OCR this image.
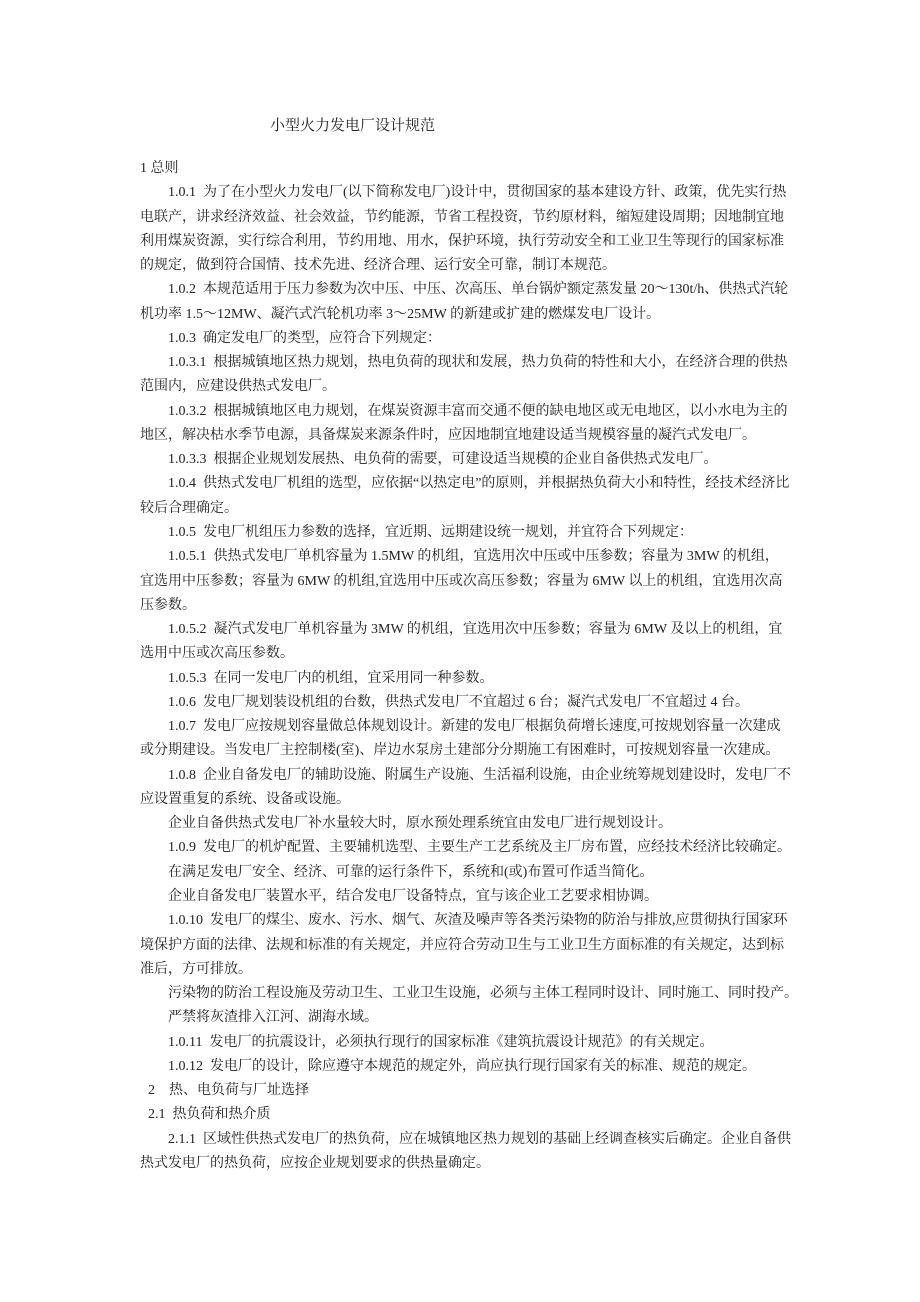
小型火力发电厂设计规范
1 总则
1.0.1  为了在小型火力发电厂(以下简称发电厂)设计中，贯彻国家的基本建设方针、政策，优先实行热
电联产，讲求经济效益、社会效益，节约能源，节省工程投资，节约原材料，缩短建设周期；因地制宜地
利用煤炭资源，实行综合利用，节约用地、用水，保护环境，执行劳动安全和工业卫生等现行的国家标准
的规定，做到符合国情、技术先进、经济合理、运行安全可靠，制订本规范。
1.0.2  本规范适用于压力参数为次中压、中压、次高压、单台锅炉额定蒸发量 20～130t/h、供热式汽轮
机功率 1.5～12MW、凝汽式汽轮机功率 3～25MW 的新建或扩建的燃煤发电厂设计。
1.0.3  确定发电厂的类型，应符合下列规定：
1.0.3.1  根据城镇地区热力规划，热电负荷的现状和发展，热力负荷的特性和大小，在经济合理的供热
范围内，应建设供热式发电厂。
1.0.3.2  根据城镇地区电力规划，在煤炭资源丰富而交通不便的缺电地区或无电地区，以小水电为主的
地区，解决枯水季节电源，具备煤炭来源条件时，应因地制宜地建设适当规模容量的凝汽式发电厂。
1.0.3.3  根据企业规划发展热、电负荷的需要，可建设适当规模的企业自备供热式发电厂。
1.0.4  供热式发电厂机组的选型，应依据“以热定电”的原则，并根据热负荷大小和特性，经技术经济比
较后合理确定。
1.0.5  发电厂机组压力参数的选择，宜近期、远期建设统一规划，并宜符合下列规定：
1.0.5.1  供热式发电厂单机容量为 1.5MW 的机组，宜选用次中压或中压参数；容量为 3MW 的机组，
宜选用中压参数；容量为 6MW 的机组,宜选用中压或次高压参数；容量为 6MW 以上的机组，宜选用次高
压参数。
1.0.5.2  凝汽式发电厂单机容量为 3MW 的机组，宜选用次中压参数；容量为 6MW 及以上的机组，宜
选用中压或次高压参数。
1.0.5.3  在同一发电厂内的机组，宜采用同一种参数。
1.0.6  发电厂规划装设机组的台数，供热式发电厂不宜超过 6 台；凝汽式发电厂不宜超过 4 台。
1.0.7  发电厂应按规划容量做总体规划设计。新建的发电厂根据负荷增长速度,可按规划容量一次建成
或分期建设。当发电厂主控制楼(室)、岸边水泵房土建部分分期施工有困难时，可按规划容量一次建成。
1.0.8  企业自备发电厂的辅助设施、附属生产设施、生活福利设施，由企业统筹规划建设时，发电厂不
应设置重复的系统、设备或设施。
企业自备供热式发电厂补水量较大时，原水预处理系统宜由发电厂进行规划设计。
1.0.9  发电厂的机炉配置、主要辅机选型、主要生产工艺系统及主厂房布置，应经技术经济比较确定。
在满足发电厂安全、经济、可靠的运行条件下，系统和(或)布置可作适当简化。
企业自备发电厂装置水平，结合发电厂设备特点，宜与该企业工艺要求相协调。
1.0.10  发电厂的煤尘、废水、污水、烟气、灰渣及噪声等各类污染物的防治与排放,应贯彻执行国家环
境保护方面的法律、法规和标准的有关规定，并应符合劳动卫生与工业卫生方面标准的有关规定，达到标
准后，方可排放。
污染物的防治工程设施及劳动卫生、工业卫生设施，必须与主体工程同时设计、同时施工、同时投产。
严禁将灰渣排入江河、湖海水域。
1.0.11  发电厂的抗震设计，必须执行现行的国家标准《建筑抗震设计规范》的有关规定。
1.0.12  发电厂的设计，除应遵守本规范的规定外，尚应执行现行国家有关的标准、规范的规定。
2    热、电负荷与厂址选择
2.1  热负荷和热介质
2.1.1  区域性供热式发电厂的热负荷，应在城镇地区热力规划的基础上经调查核实后确定。企业自备供
热式发电厂的热负荷，应按企业规划要求的供热量确定。
